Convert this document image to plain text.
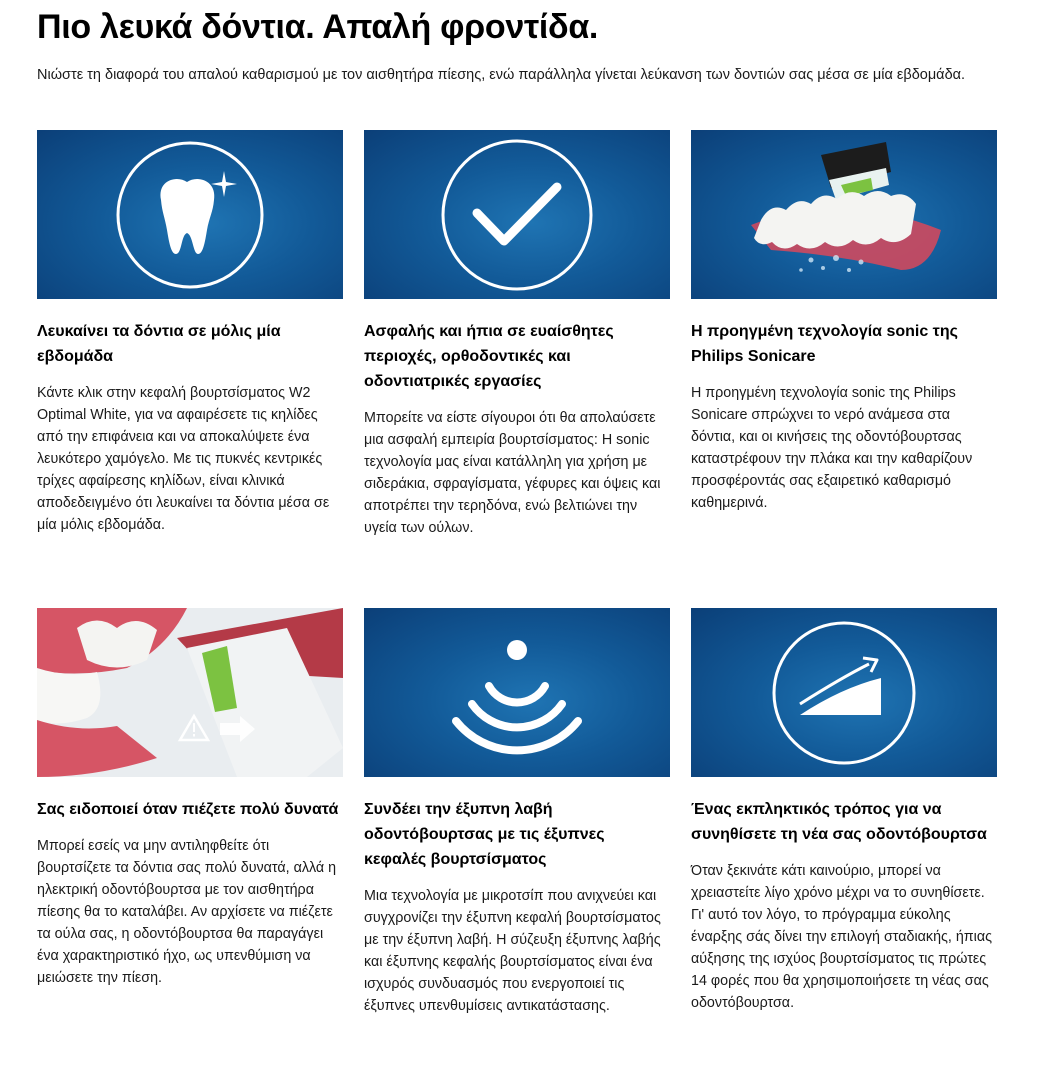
Πιο λευκά δόντια. Απαλή φροντίδα.

Νιώστε τη διαφορά του απαλού καθαρισμού με τον αισθητήρα πίεσης, ενώ παράλληλα γίνεται λεύκανση των δοντιών σας μέσα σε μία εβδομάδα.

Λευκαίνει τα δόντια σε μόλις μία εβδομάδα

Κάντε κλικ στην κεφαλή βουρτσίσματος W2 Optimal White, για να αφαιρέσετε τις κηλίδες από την επιφάνεια και να αποκαλύψετε ένα λευκότερο χαμόγελο. Με τις πυκνές κεντρικές τρίχες αφαίρεσης κηλίδων, είναι κλινικά αποδεδειγμένο ότι λευκαίνει τα δόντια μέσα σε μία μόλις εβδομάδα.

Ασφαλής και ήπια σε ευαίσθητες περιοχές, ορθοδοντικές και οδοντιατρικές εργασίες

Μπορείτε να είστε σίγουροι ότι θα απολαύσετε μια ασφαλή εμπειρία βουρτσίσματος: Η sonic τεχνολογία μας είναι κατάλληλη για χρήση με σιδεράκια, σφραγίσματα, γέφυρες και όψεις και αποτρέπει την τερηδόνα, ενώ βελτιώνει την υγεία των ούλων.

Η προηγμένη τεχνολογία sonic της Philips Sonicare

Η προηγμένη τεχνολογία sonic της Philips Sonicare σπρώχνει το νερό ανάμεσα στα δόντια, και οι κινήσεις της οδοντόβουρτσας καταστρέφουν την πλάκα και την καθαρίζουν προσφέροντάς σας εξαιρετικό καθαρισμό καθημερινά.

Σας ειδοποιεί όταν πιέζετε πολύ δυνατά

Μπορεί εσείς να μην αντιληφθείτε ότι βουρτσίζετε τα δόντια σας πολύ δυνατά, αλλά η ηλεκτρική οδοντόβουρτσα με τον αισθητήρα πίεσης θα το καταλάβει. Αν αρχίσετε να πιέζετε τα ούλα σας, η οδοντόβουρτσα θα παραγάγει ένα χαρακτηριστικό ήχο, ως υπενθύμιση να μειώσετε την πίεση.

Συνδέει την έξυπνη λαβή οδοντόβουρτσας με τις έξυπνες κεφαλές βουρτσίσματος

Μια τεχνολογία με μικροτσίπ που ανιχνεύει και συγχρονίζει την έξυπνη κεφαλή βουρτσίσματος με την έξυπνη λαβή. Η σύζευξη έξυπνης λαβής και έξυπνης κεφαλής βουρτσίσματος είναι ένα ισχυρός συνδυασμός που ενεργοποιεί τις έξυπνες υπενθυμίσεις αντικατάστασης.

Ένας εκπληκτικός τρόπος για να συνηθίσετε τη νέα σας οδοντόβουρτσα

Όταν ξεκινάτε κάτι καινούριο, μπορεί να χρειαστείτε λίγο χρόνο μέχρι να το συνηθίσετε. Γι' αυτό τον λόγο, το πρόγραμμα εύκολης έναρξης σάς δίνει την επιλογή σταδιακής, ήπιας αύξησης της ισχύος βουρτσίσματος τις πρώτες 14 φορές που θα χρησιμοποιήσετε τη νέας σας οδοντόβουρτσα.
